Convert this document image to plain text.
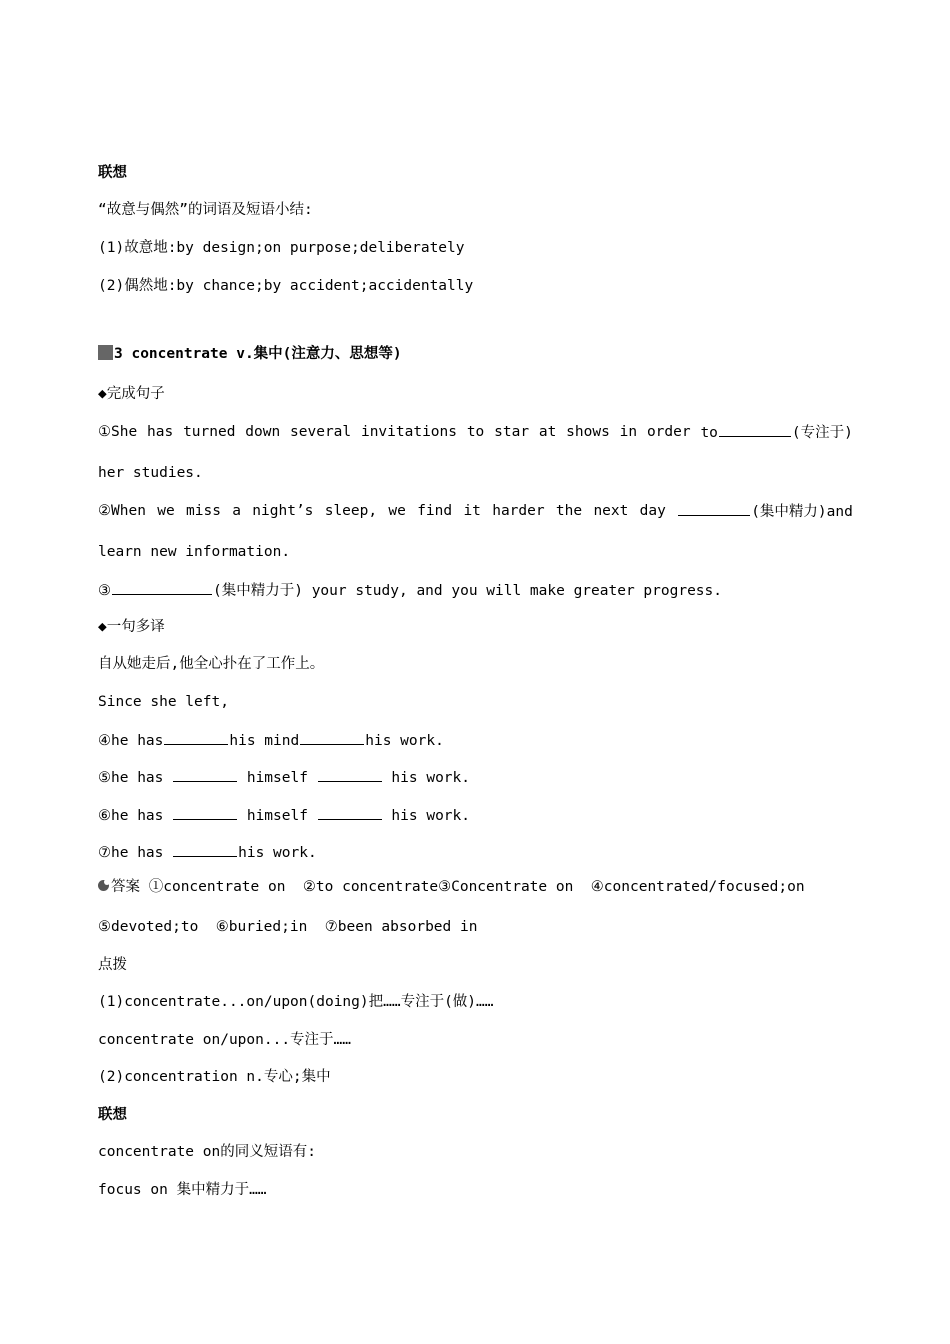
联想
“故意与偶然”的词语及短语小结:
(1)故意地:by design;on purpose;deliberately
(2)偶然地:by chance;by accident;accidentally
3 concentrate v.集中(注意力、思想等)
◆完成句子
①She has turned down several invitations to star at shows in order to	(专注于)
her studies.
②When we miss a night’s sleep, we find it harder the next day	(集中精力)and
learn new information.
③	(集中精力于) your study, and you will make greater progress.
◆一句多译
自从她走后,他全心扑在了工作上。
Since she left,
④he has	his mind	his work.
⑤he has	himself	his work.
⑥he has	himself	his work.
⑦he has	his work.
答案 ①concentrate on  ②to concentrate③Concentrate on  ④concentrated/focused;on
⑤devoted;to  ⑥buried;in  ⑦been absorbed in
点拨
(1)concentrate...on/upon(doing)把……专注于(做)……
concentrate on/upon...专注于……
(2)concentration n.专心;集中
联想
concentrate on的同义短语有:
focus on 集中精力于……
